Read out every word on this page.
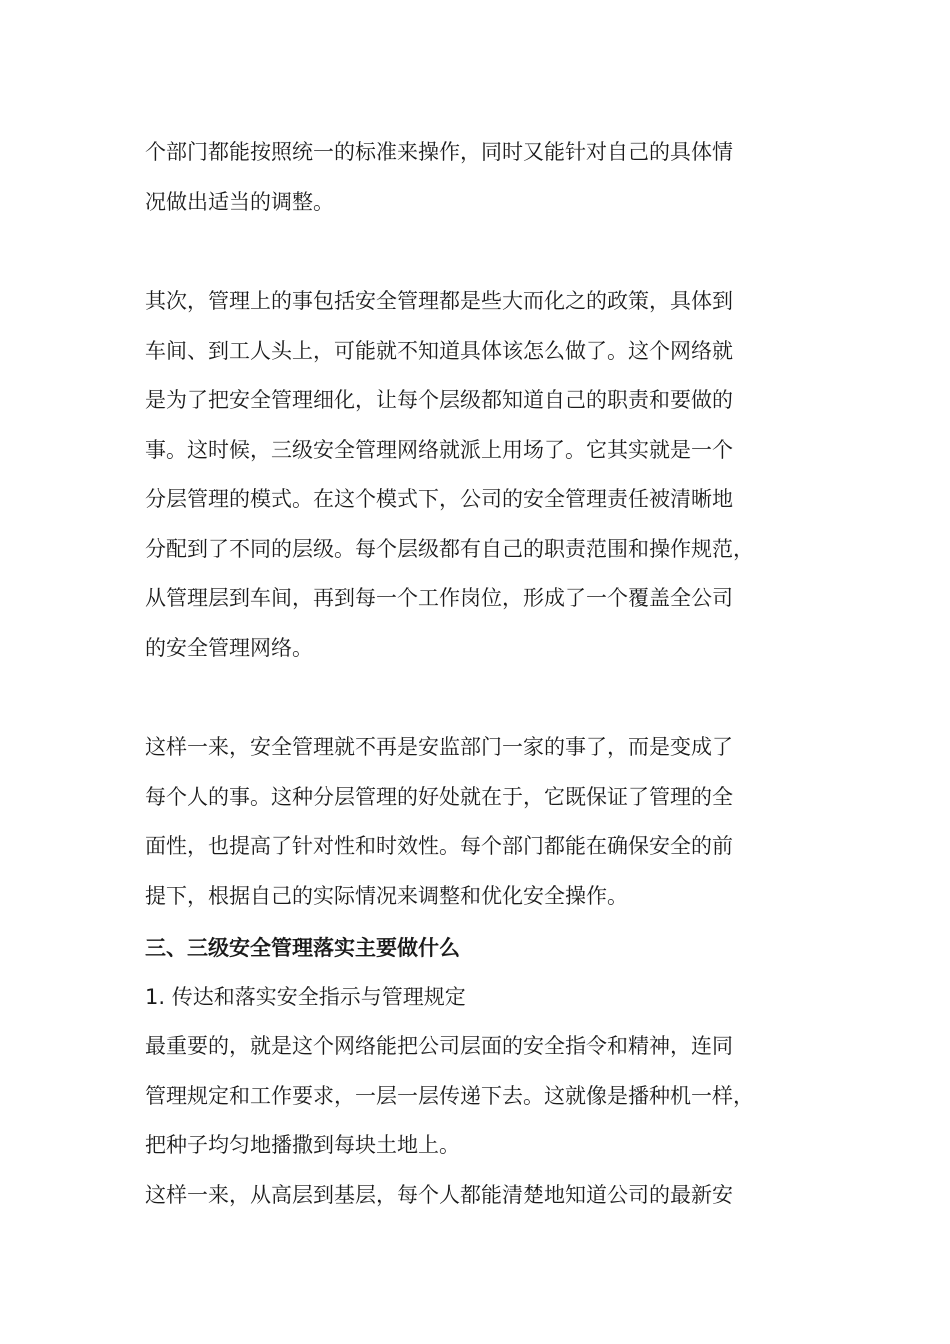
个部门都能按照统一的标准来操作，同时又能针对自己的具体情
况做出适当的调整。
其次，管理上的事包括安全管理都是些大而化之的政策，具体到
车间、到工人头上，可能就不知道具体该怎么做了。这个网络就
是为了把安全管理细化，让每个层级都知道自己的职责和要做的
事。这时候，三级安全管理网络就派上用场了。它其实就是一个
分层管理的模式。在这个模式下，公司的安全管理责任被清晰地
分配到了不同的层级。每个层级都有自己的职责范围和操作规范，
从管理层到车间，再到每一个工作岗位，形成了一个覆盖全公司
的安全管理网络。
这样一来，安全管理就不再是安监部门一家的事了，而是变成了
每个人的事。这种分层管理的好处就在于，它既保证了管理的全
面性，也提高了针对性和时效性。每个部门都能在确保安全的前
提下，根据自己的实际情况来调整和优化安全操作。
三、三级安全管理落实主要做什么
1. 传达和落实安全指示与管理规定
最重要的，就是这个网络能把公司层面的安全指令和精神，连同
管理规定和工作要求，一层一层传递下去。这就像是播种机一样，
把种子均匀地播撒到每块土地上。
这样一来，从高层到基层，每个人都能清楚地知道公司的最新安
